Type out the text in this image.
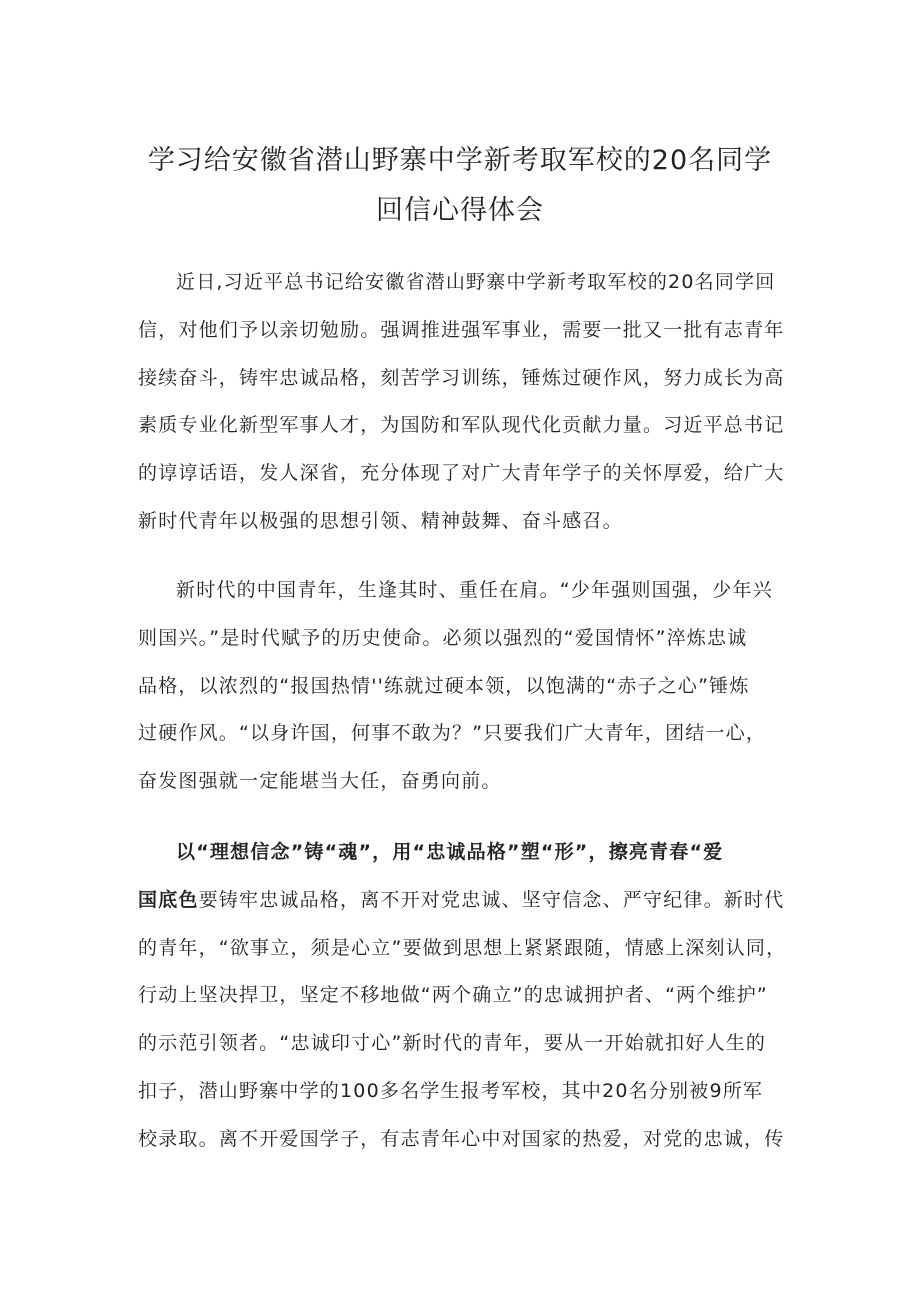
学习给安徽省潜山野寨中学新考取军校的20名同学
回信心得体会
近日,习近平总书记给安徽省潜山野寨中学新考取军校的20名同学回
信，对他们予以亲切勉励。强调推进强军事业，需要一批又一批有志青年
接续奋斗，铸牢忠诚品格，刻苦学习训练，锤炼过硬作风，努力成长为高
素质专业化新型军事人才，为国防和军队现代化贡献力量。习近平总书记
的谆谆话语，发人深省，充分体现了对广大青年学子的关怀厚爱，给广大
新时代青年以极强的思想引领、精神鼓舞、奋斗感召。
新时代的中国青年，生逢其时、重任在肩。“少年强则国强，少年兴
则国兴。”是时代赋予的历史使命。必须以强烈的“爱国情怀”淬炼忠诚
品格，以浓烈的“报国热情''练就过硬本领，以饱满的“赤子之心”锤炼
过硬作风。“以身许国，何事不敢为？”只要我们广大青年，团结一心，
奋发图强就一定能堪当大任，奋勇向前。
以“理想信念”铸“魂”，用“忠诚品格”塑“形”，擦亮青春“爱
国底色要铸牢忠诚品格，离不开对党忠诚、坚守信念、严守纪律。新时代
的青年，“欲事立，须是心立”要做到思想上紧紧跟随，情感上深刻认同，
行动上坚决捍卫，坚定不移地做“两个确立”的忠诚拥护者、“两个维护”
的示范引领者。“忠诚印寸心”新时代的青年，要从一开始就扣好人生的
扣子，潜山野寨中学的100多名学生报考军校，其中20名分别被9所军
校录取。离不开爱国学子，有志青年心中对国家的热爱，对党的忠诚，传
